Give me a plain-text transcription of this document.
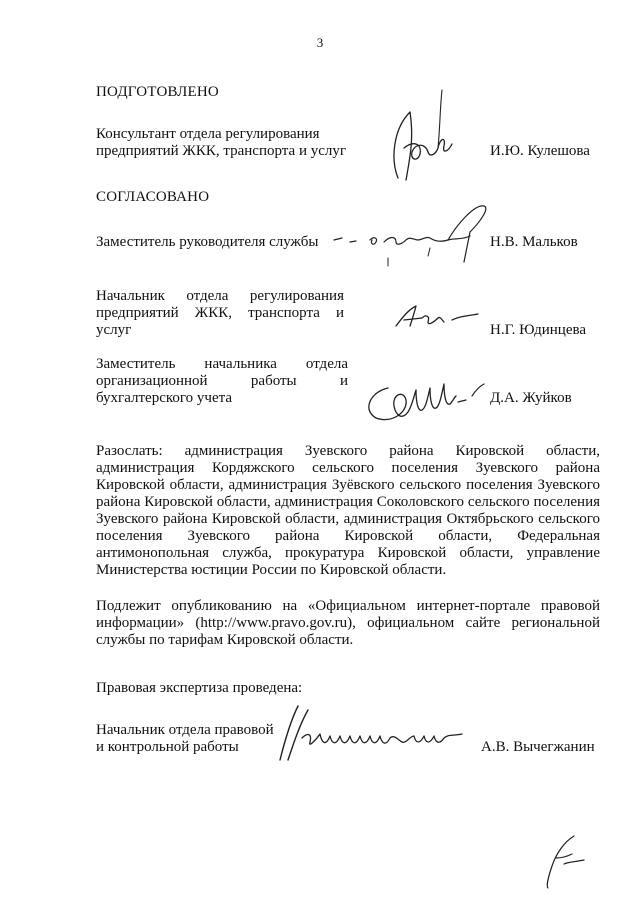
3
ПОДГОТОВЛЕНО
Консультант отдела регулирования
предприятий ЖКК, транспорта и услуг	И.Ю. Кулешова
СОГЛАСОВАНО
Заместитель руководителя службы	Н.В. Мальков
Начальник отдела регулирования предприятий ЖКК, транспорта и услуг	Н.Г. Юдинцева
Заместитель начальника отдела организационной работы и бухгалтерского учета	Д.А. Жуйков
Разослать: администрация Зуевского района Кировской области, администрация Кордяжского сельского поселения Зуевского района Кировской области, администрация Зуёвского сельского поселения Зуевского района Кировской области, администрация Соколовского сельского поселения Зуевского района Кировской области, администрация Октябрьского сельского поселения Зуевского района Кировской области, Федеральная антимонопольная служба, прокуратура Кировской области, управление Министерства юстиции России по Кировской области.
Подлежит опубликованию на «Официальном интернет-портале правовой информации» (http://www.pravo.gov.ru), официальном сайте региональной службы по тарифам Кировской области.
Правовая экспертиза проведена:
Начальник отдела правовой
и контрольной работы	А.В. Вычегжанин
